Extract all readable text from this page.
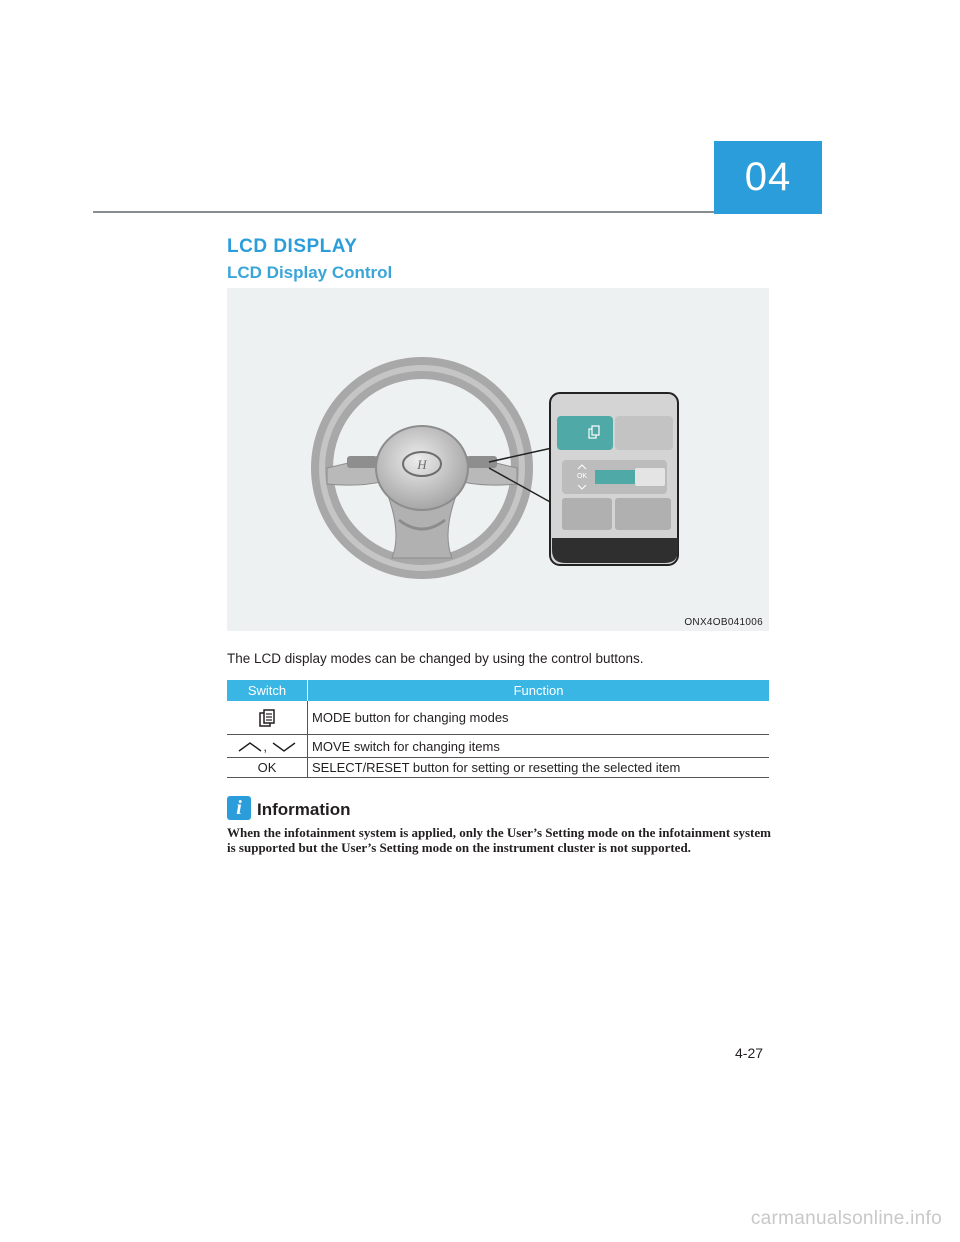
04
LCD DISPLAY
LCD Display Control
H
OK
ONX4OB041006
The LCD display modes can be changed by using the control buttons.
Switch	Function
	MODE button for changing modes
,	MOVE switch for changing items
OK	SELECT/RESET button for setting or resetting the selected item
i Information
When the infotainment system is applied, only the User’s Setting mode on the infotainment system is supported but the User’s Setting mode on the instrument cluster is not supported.
4-27
carmanualsonline.info
